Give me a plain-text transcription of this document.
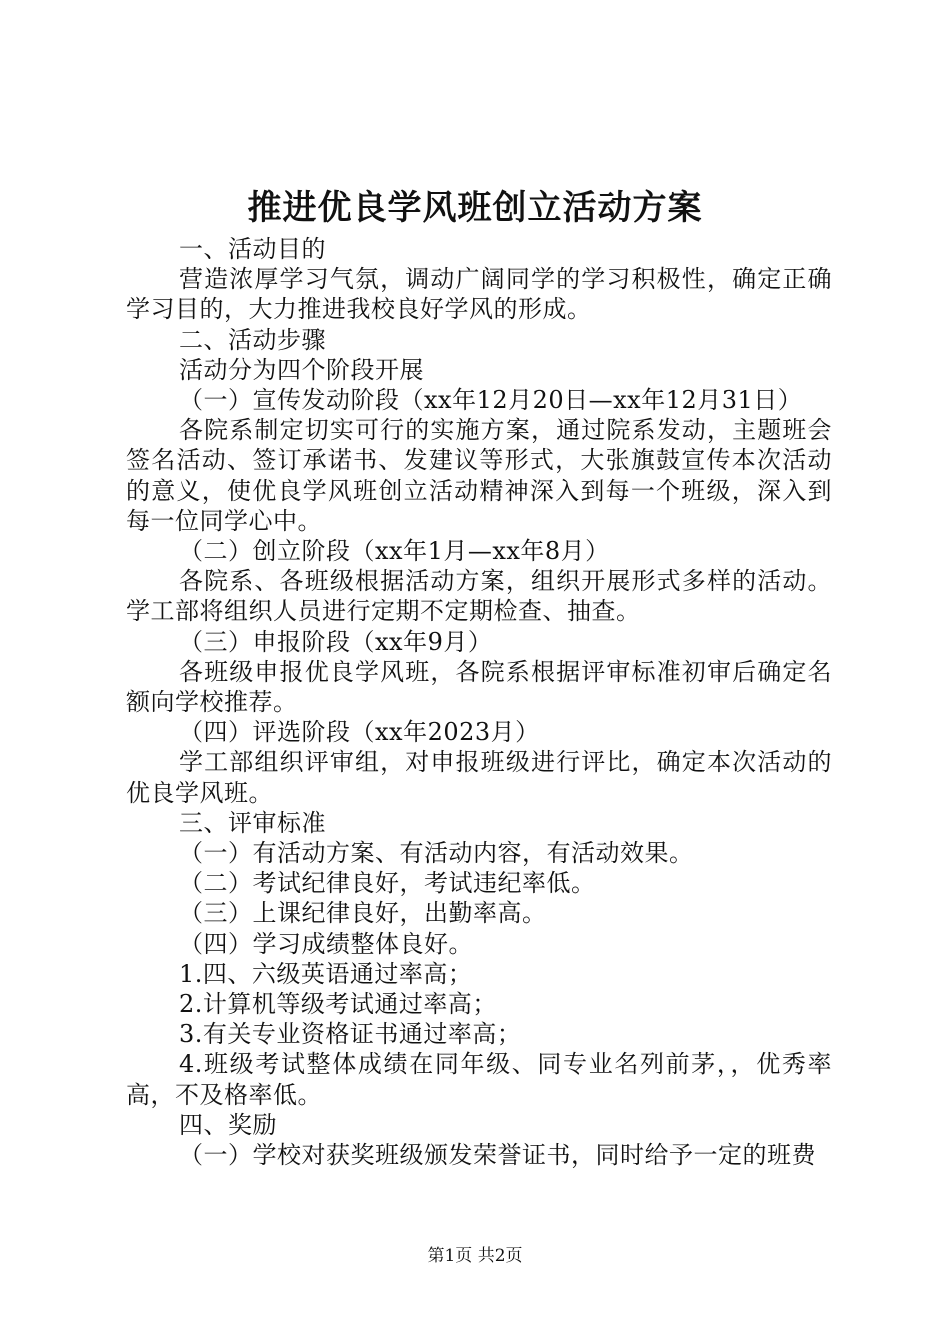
推进优良学风班创立活动方案

一、活动目的

营造浓厚学习气氛，调动广阔同学的学习积极性，确定正确学习目的，大力推进我校良好学风的形成。

二、活动步骤

活动分为四个阶段开展

（一）宣传发动阶段（xx年12月20日—xx年12月31日）

各院系制定切实可行的实施方案，通过院系发动，主题班会签名活动、签订承诺书、发建议等形式，大张旗鼓宣传本次活动的意义，使优良学风班创立活动精神深入到每一个班级，深入到每一位同学心中。

（二）创立阶段（xx年1月—xx年8月）

各院系、各班级根据活动方案，组织开展形式多样的活动。学工部将组织人员进行定期不定期检查、抽查。

（三）申报阶段（xx年9月）

各班级申报优良学风班，各院系根据评审标准初审后确定名额向学校推荐。

（四）评选阶段（xx年2023月）

学工部组织评审组，对申报班级进行评比，确定本次活动的优良学风班。

三、评审标准

（一）有活动方案、有活动内容，有活动效果。

（二）考试纪律良好，考试违纪率低。

（三）上课纪律良好，出勤率高。

（四）学习成绩整体良好。

1.四、六级英语通过率高；

2.计算机等级考试通过率高；

3.有关专业资格证书通过率高；

4.班级考试整体成绩在同年级、同专业名列前茅，，优秀率高，不及格率低。

四、奖励

（一）学校对获奖班级颁发荣誉证书，同时给予一定的班费

第1页 共2页
